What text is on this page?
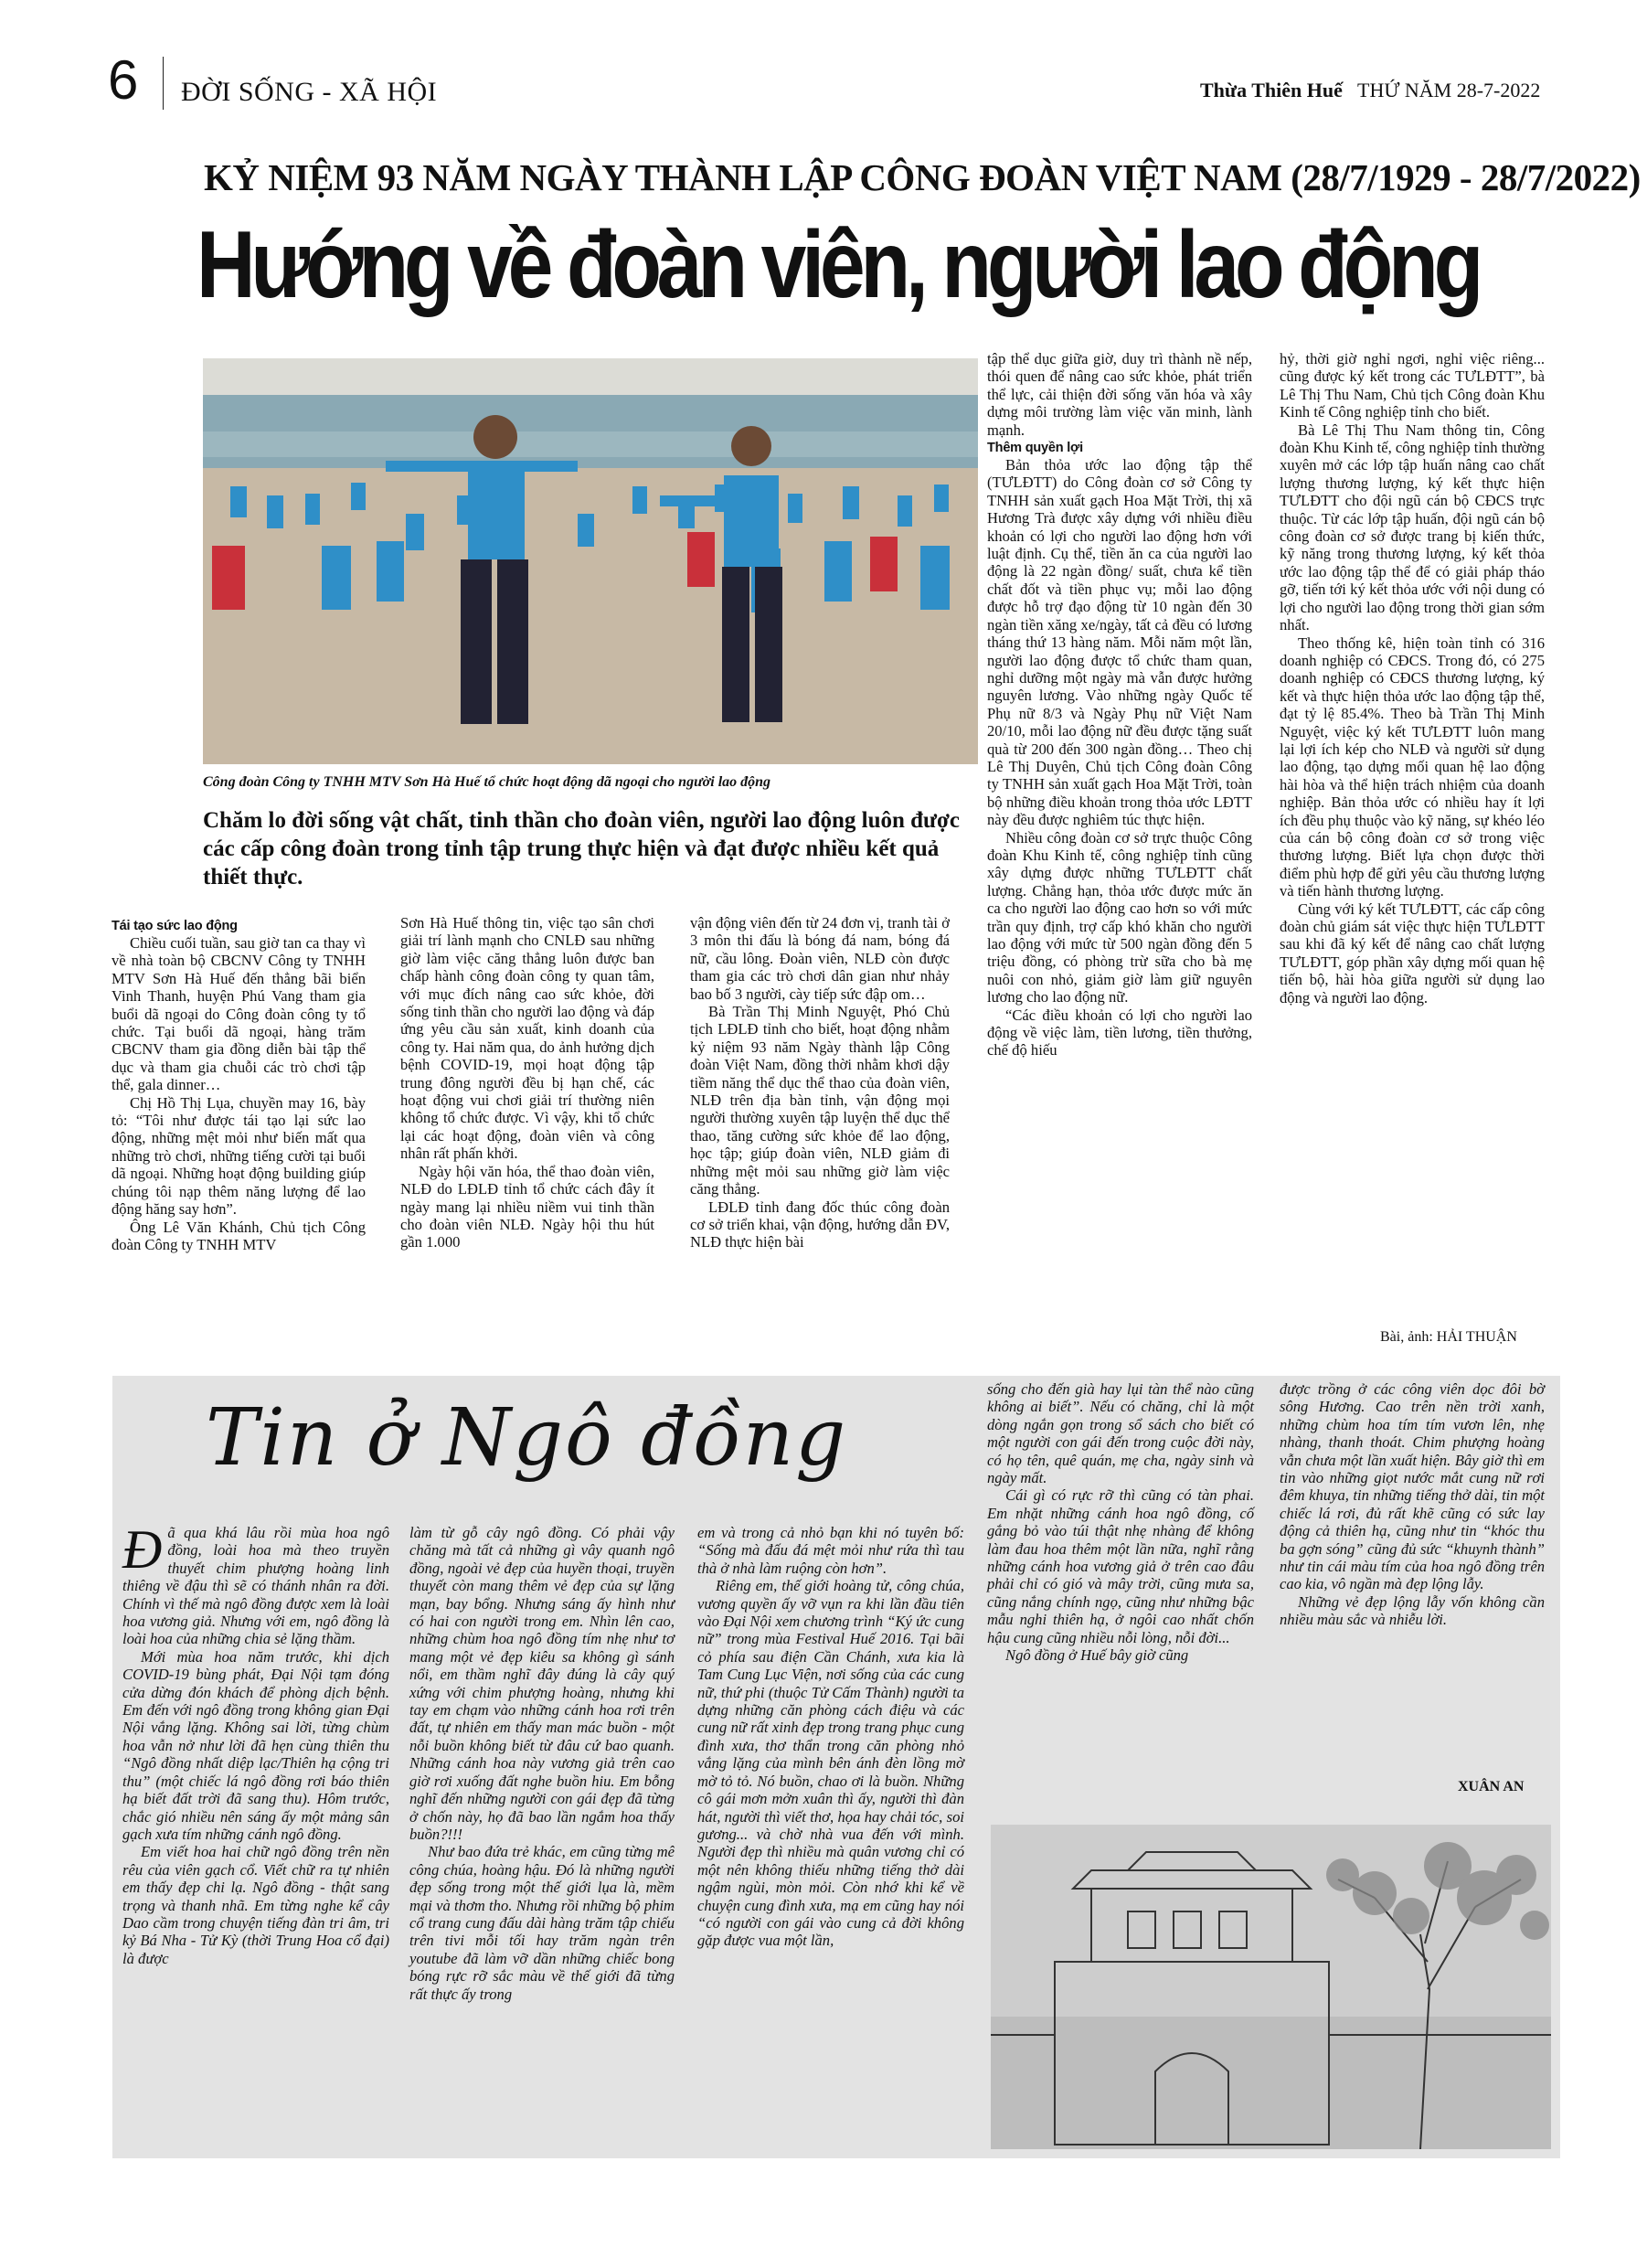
6 ĐỜI SỐNG - XÃ HỘI	Thừa Thiên Huế THỨ NĂM 28-7-2022
KỶ NIỆM 93 NĂM NGÀY THÀNH LẬP CÔNG ĐOÀN VIỆT NAM (28/7/1929 - 28/7/2022)
Hướng về đoàn viên, người lao động
Công đoàn Công ty TNHH MTV Sơn Hà Huế tổ chức hoạt động dã ngoại cho người lao động
Chăm lo đời sống vật chất, tinh thần cho đoàn viên, người lao động luôn được các cấp công đoàn trong tỉnh tập trung thực hiện và đạt được nhiều kết quả thiết thực.
Tái tạo sức lao động

Chiều cuối tuần, sau giờ tan ca thay vì về nhà toàn bộ CBCNV Công ty TNHH MTV Sơn Hà Huế đến thẳng bãi biển Vinh Thanh, huyện Phú Vang tham gia buổi dã ngoại do Công đoàn công ty tổ chức. Tại buổi dã ngoại, hàng trăm CBCNV tham gia đồng diễn bài tập thể dục và tham gia chuỗi các trò chơi tập thể, gala dinner…

Chị Hồ Thị Lụa, chuyền may 16, bày tỏ: “Tôi như được tái tạo lại sức lao động, những mệt mỏi như biến mất qua những trò chơi, những tiếng cười tại buổi dã ngoại. Những hoạt động building giúp chúng tôi nạp thêm năng lượng để lao động hăng say hơn”.

Ông Lê Văn Khánh, Chủ tịch Công đoàn Công ty TNHH MTV

Sơn Hà Huế thông tin, việc tạo sân chơi giải trí lành mạnh cho CNLĐ sau những giờ làm việc căng thẳng luôn được ban chấp hành công đoàn công ty quan tâm, với mục đích nâng cao sức khỏe, đời sống tinh thần cho người lao động và đáp ứng yêu cầu sản xuất, kinh doanh của công ty. Hai năm qua, do ảnh hưởng dịch bệnh COVID-19, mọi hoạt động tập trung đông người đều bị hạn chế, các hoạt động vui chơi giải trí thường niên không tổ chức được. Vì vậy, khi tổ chức lại các hoạt động, đoàn viên và công nhân rất phấn khởi.

Ngày hội văn hóa, thể thao đoàn viên, NLĐ do LĐLĐ tỉnh tổ chức cách đây ít ngày mang lại nhiều niềm vui tinh thần cho đoàn viên NLĐ. Ngày hội thu hút gần 1.000

vận động viên đến từ 24 đơn vị, tranh tài ở 3 môn thi đấu là bóng đá nam, bóng đá nữ, cầu lông. Đoàn viên, NLĐ còn được tham gia các trò chơi dân gian như nhảy bao bố 3 người, cày tiếp sức đập om…

Bà Trần Thị Minh Nguyệt, Phó Chủ tịch LĐLĐ tỉnh cho biết, hoạt động nhằm kỷ niệm 93 năm Ngày thành lập Công đoàn Việt Nam, đồng thời nhằm khơi dậy tiềm năng thể dục thể thao của đoàn viên, NLĐ trên địa bàn tỉnh, vận động mọi người thường xuyên tập luyện thể dục thể thao, tăng cường sức khỏe để lao động, học tập; giúp đoàn viên, NLĐ giảm đi những mệt mỏi sau những giờ làm việc căng thẳng.

LĐLĐ tỉnh đang đốc thúc công đoàn cơ sở triển khai, vận động, hướng dẫn ĐV, NLĐ thực hiện bài

tập thể dục giữa giờ, duy trì thành nề nếp, thói quen để nâng cao sức khỏe, phát triển thể lực, cải thiện đời sống văn hóa và xây dựng môi trường làm việc văn minh, lành mạnh.

Thêm quyền lợi

Bản thỏa ước lao động tập thể (TƯLĐTT) do Công đoàn cơ sở Công ty TNHH sản xuất gạch Hoa Mặt Trời, thị xã Hương Trà được xây dựng với nhiều điều khoản có lợi cho người lao động hơn với luật định. Cụ thể, tiền ăn ca của người lao động là 22 ngàn đồng/ suất, chưa kể tiền chất đốt và tiền phục vụ; mỗi lao động được hỗ trợ đạo động từ 10 ngàn đến 30 ngàn tiền xăng xe/ngày, tất cả đều có lương tháng thứ 13 hàng năm. Mỗi năm một lần, người lao động được tổ chức tham quan, nghỉ dưỡng một ngày mà vẫn được hưởng nguyên lương. Vào những ngày Quốc tế Phụ nữ 8/3 và Ngày Phụ nữ Việt Nam 20/10, mỗi lao động nữ đều được tặng suất quà từ 200 đến 300 ngàn đồng… Theo chị Lê Thị Duyên, Chủ tịch Công đoàn Công ty TNHH sản xuất gạch Hoa Mặt Trời, toàn bộ những điều khoản trong thỏa ước LĐTT này đều được nghiêm túc thực hiện.

Nhiều công đoàn cơ sở trực thuộc Công đoàn Khu Kinh tế, công nghiệp tỉnh cũng xây dựng được những TƯLĐTT chất lượng. Chẳng hạn, thỏa ước được mức ăn ca cho người lao động cao hơn so với mức trần quy định, trợ cấp khó khăn cho người lao động với mức từ 500 ngàn đồng đến 5 triệu đồng, có phòng trừ sữa cho bà mẹ nuôi con nhỏ, giảm giờ làm giữ nguyên lương cho lao động nữ.

“Các điều khoản có lợi cho người lao động về việc làm, tiền lương, tiền thưởng, chế độ hiếu

hỷ, thời giờ nghỉ ngơi, nghỉ việc riêng... cũng được ký kết trong các TƯLĐTT”, bà Lê Thị Thu Nam, Chủ tịch Công đoàn Khu Kinh tế Công nghiệp tỉnh cho biết.

Bà Lê Thị Thu Nam thông tin, Công đoàn Khu Kinh tế, công nghiệp tỉnh thường xuyên mở các lớp tập huấn nâng cao chất lượng thương lượng, ký kết thực hiện TƯLĐTT cho đội ngũ cán bộ CĐCS trực thuộc. Từ các lớp tập huấn, đội ngũ cán bộ công đoàn cơ sở được trang bị kiến thức, kỹ năng trong thương lượng, ký kết thỏa ước lao động tập thể để có giải pháp tháo gỡ, tiến tới ký kết thỏa ước với nội dung có lợi cho người lao động trong thời gian sớm nhất.

Theo thống kê, hiện toàn tỉnh có 316 doanh nghiệp có CĐCS. Trong đó, có 275 doanh nghiệp có CĐCS thương lượng, ký kết và thực hiện thỏa ước lao động tập thể, đạt tỷ lệ 85.4%. Theo bà Trần Thị Minh Nguyệt, việc ký kết TƯLĐTT luôn mang lại lợi ích kép cho NLĐ và người sử dụng lao động, tạo dựng mối quan hệ lao động hài hòa và thể hiện trách nhiệm của doanh nghiệp. Bản thỏa ước có nhiều hay ít lợi ích đều phụ thuộc vào kỹ năng, sự khéo léo của cán bộ công đoàn cơ sở trong việc thương lượng. Biết lựa chọn được thời điểm phù hợp để gửi yêu cầu thương lượng và tiến hành thương lượng.

Cùng với ký kết TƯLĐTT, các cấp công đoàn chủ giám sát việc thực hiện TƯLĐTT sau khi đã ký kết để nâng cao chất lượng TƯLĐTT, góp phần xây dựng mối quan hệ tiến bộ, hài hòa giữa người sử dụng lao động và người lao động.

Bài, ảnh: HẢI THUẬN
Tin ở Ngô đồng
Đ ã qua khá lâu rồi mùa hoa ngô đồng, loài hoa mà theo truyền thuyết chim phượng hoàng linh thiêng về đậu thì sẽ có thánh nhân ra đời. Chính vì thế mà ngô đồng được xem là loài hoa vương giả. Nhưng với em, ngô đồng là loài hoa của những chia sẻ lặng thầm.

Mới mùa hoa năm trước, khi dịch COVID-19 bùng phát, Đại Nội tạm đóng cửa dừng đón khách để phòng dịch bệnh. Em đến với ngô đồng trong không gian Đại Nội vắng lặng. Không sai lời, từng chùm hoa vẫn nở như lời đã hẹn cùng thiên thu “Ngô đồng nhất diệp lạc/Thiên hạ cộng tri thu” (một chiếc lá ngô đồng rơi báo thiên hạ biết đất trời đã sang thu). Hôm trước, chắc gió nhiều nên sáng ấy một mảng sân gạch xưa tím những cánh ngô đồng.

Em viết hoa hai chữ ngô đồng trên nền rêu của viên gạch cổ. Viết chữ ra tự nhiên em thấy đẹp chi lạ. Ngô đồng - thật sang trọng và thanh nhã. Em từng nghe kể cây Dao cầm trong chuyện tiếng đàn tri âm, tri kỷ Bá Nha - Tử Kỳ (thời Trung Hoa cổ đại) là được

làm từ gỗ cây ngô đồng. Có phải vậy chăng mà tất cả những gì vây quanh ngô đồng, ngoài vẻ đẹp của huyền thoại, truyền thuyết còn mang thêm vẻ đẹp của sự lặng mạn, bay bổng. Nhưng sáng ấy hình như có hai con người trong em. Nhìn lên cao, những chùm hoa ngô đồng tím nhẹ như tơ mang một vẻ đẹp kiêu sa không gì sánh nổi, em thầm nghĩ đây đúng là cây quý xứng với chim phượng hoàng, nhưng khi tay em chạm vào những cánh hoa rơi trên đất, tự nhiên em thấy man mác buồn - một nỗi buồn không biết từ đâu cứ bao quanh. Những cánh hoa này vương giả trên cao giờ rơi xuống đất nghe buồn hiu. Em bỗng nghĩ đến những người con gái đẹp đã từng ở chốn này, họ đã bao lần ngắm hoa thấy buồn?!!!

Như bao đứa trẻ khác, em cũng từng mê công chúa, hoàng hậu. Đó là những người đẹp sống trong một thế giới lụa là, mềm mại và thơm tho. Nhưng rồi những bộ phim cổ trang cung đấu dài hàng trăm tập chiếu trên tivi mỗi tối hay trăm ngàn trên youtube đã làm vỡ dần những chiếc bong bóng rực rỡ sắc màu về thế giới đã từng rất thực ấy trong

em và trong cả nhỏ bạn khi nó tuyên bố: “Sống mà đấu đá mệt mỏi như rứa thì tau thà ở nhà làm ruộng còn hơn”.

Riêng em, thế giới hoàng tử, công chúa, vương quyền ấy vỡ vụn ra khi lần đầu tiên vào Đại Nội xem chương trình “Ký ức cung nữ” trong mùa Festival Huế 2016. Tại bãi cỏ phía sau điện Cần Chánh, xưa kia là Tam Cung Lục Viện, nơi sống của các cung nữ, thứ phi (thuộc Tử Cấm Thành) người ta dựng những căn phòng cách điệu và các cung nữ rất xinh đẹp trong trang phục cung đình xưa, thơ thẩn trong căn phòng nhỏ vắng lặng của mình bên ánh đèn lồng mờ mờ tỏ tỏ. Nó buồn, chao ơi là buồn. Những cô gái mơn mởn xuân thì ấy, người thì đàn hát, người thì viết thơ, họa hay chải tóc, soi gương... và chờ nhà vua đến với mình. Người đẹp thì nhiều mà quân vương chỉ có một nên không thiếu những tiếng thở dài ngậm ngùi, mòn mỏi. Còn nhớ khi kể về chuyện cung đình xưa, mạ em cũng hay nói “có người con gái vào cung cả đời không gặp được vua một lần,

sống cho đến già hay lụi tàn thể nào cũng không ai biết”. Nếu có chăng, chỉ là một dòng ngắn gọn trong sổ sách cho biết có một người con gái đến trong cuộc đời này, có họ tên, quê quán, mẹ cha, ngày sinh và ngày mất.

Cái gì có rực rỡ thì cũng có tàn phai. Em nhặt những cánh hoa ngô đồng, cố gắng bỏ vào túi thật nhẹ nhàng để không làm đau hoa thêm một lần nữa, nghĩ rằng những cánh hoa vương giả ở trên cao đâu phải chỉ có gió và mây trời, cũng mưa sa, cũng nắng chính ngọ, cũng như những bậc mẫu nghi thiên hạ, ở ngôi cao nhất chốn hậu cung cũng nhiều nỗi lòng, nỗi đời...

Ngô đồng ở Huế bây giờ cũng

được trồng ở các công viên dọc đôi bờ sông Hương. Cao trên nền trời xanh, những chùm hoa tím tím vươn lên, nhẹ nhàng, thanh thoát. Chim phượng hoàng vẫn chưa một lần xuất hiện. Bây giờ thì em tin vào những giọt nước mắt cung nữ rơi đêm khuya, tin những tiếng thở dài, tin một chiếc lá rơi, đủ rất khẽ cũng có sức lay động cả thiên hạ, cũng như tin “khóc thu ba gợn sóng” cũng đủ sức “khuynh thành” như tin cái màu tím của hoa ngô đồng trên cao kia, vô ngần mà đẹp lộng lẫy.

Những vẻ đẹp lộng lẫy vốn không cần nhiều màu sắc và nhiễu lời.

XUÂN AN
